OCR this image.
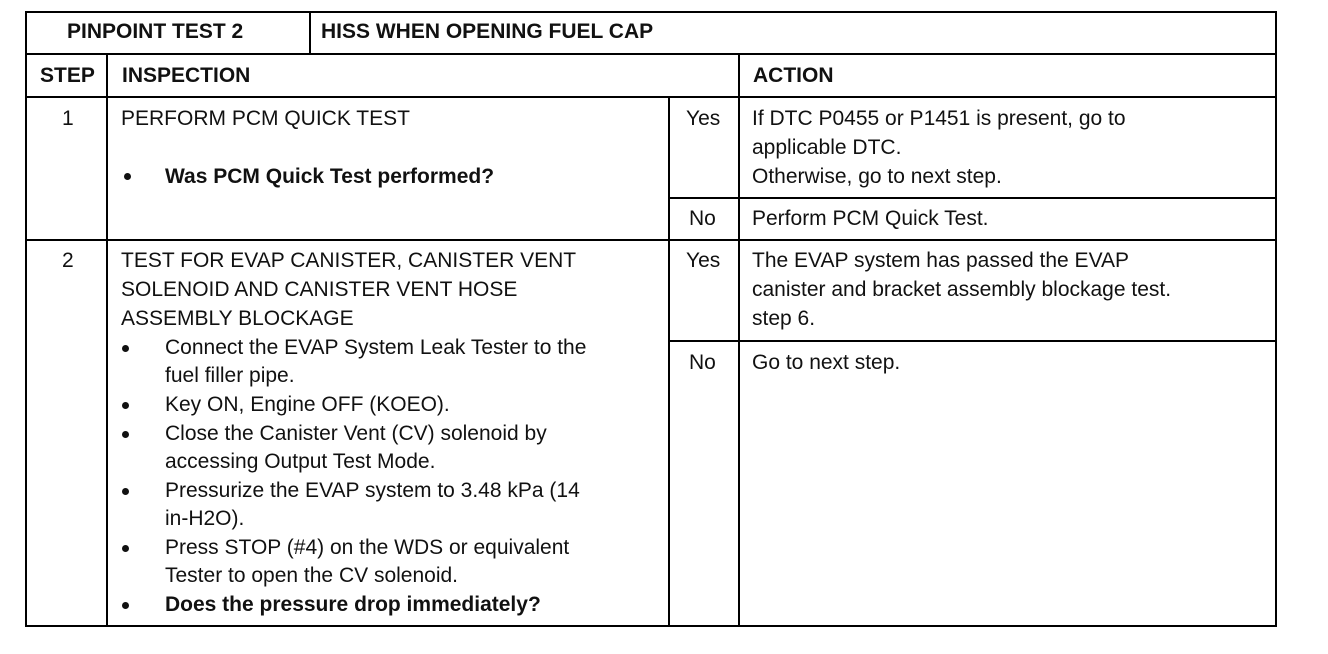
PINPOINT TEST 2	HISS WHEN OPENING FUEL CAP
STEP INSPECTION	ACTION
1 PERFORM PCM QUICK TEST
Was PCM Quick Test performed?
Yes If DTC P0455 or P1451 is present, go to
applicable DTC.
Otherwise, go to next step.
No Perform PCM Quick Test.
2 TEST FOR EVAP CANISTER, CANISTER VENT
SOLENOID AND CANISTER VENT HOSE
ASSEMBLY BLOCKAGE
Connect the EVAP System Leak Tester to the
fuel filler pipe.
Key ON, Engine OFF (KOEO).
Close the Canister Vent (CV) solenoid by
accessing Output Test Mode.
Pressurize the EVAP system to 3.48 kPa (14
in-H2O).
Press STOP (#4) on the WDS or equivalent
Tester to open the CV solenoid.
Does the pressure drop immediately?
Yes The EVAP system has passed the EVAP
canister and bracket assembly blockage test.
step 6.
No Go to next step.
